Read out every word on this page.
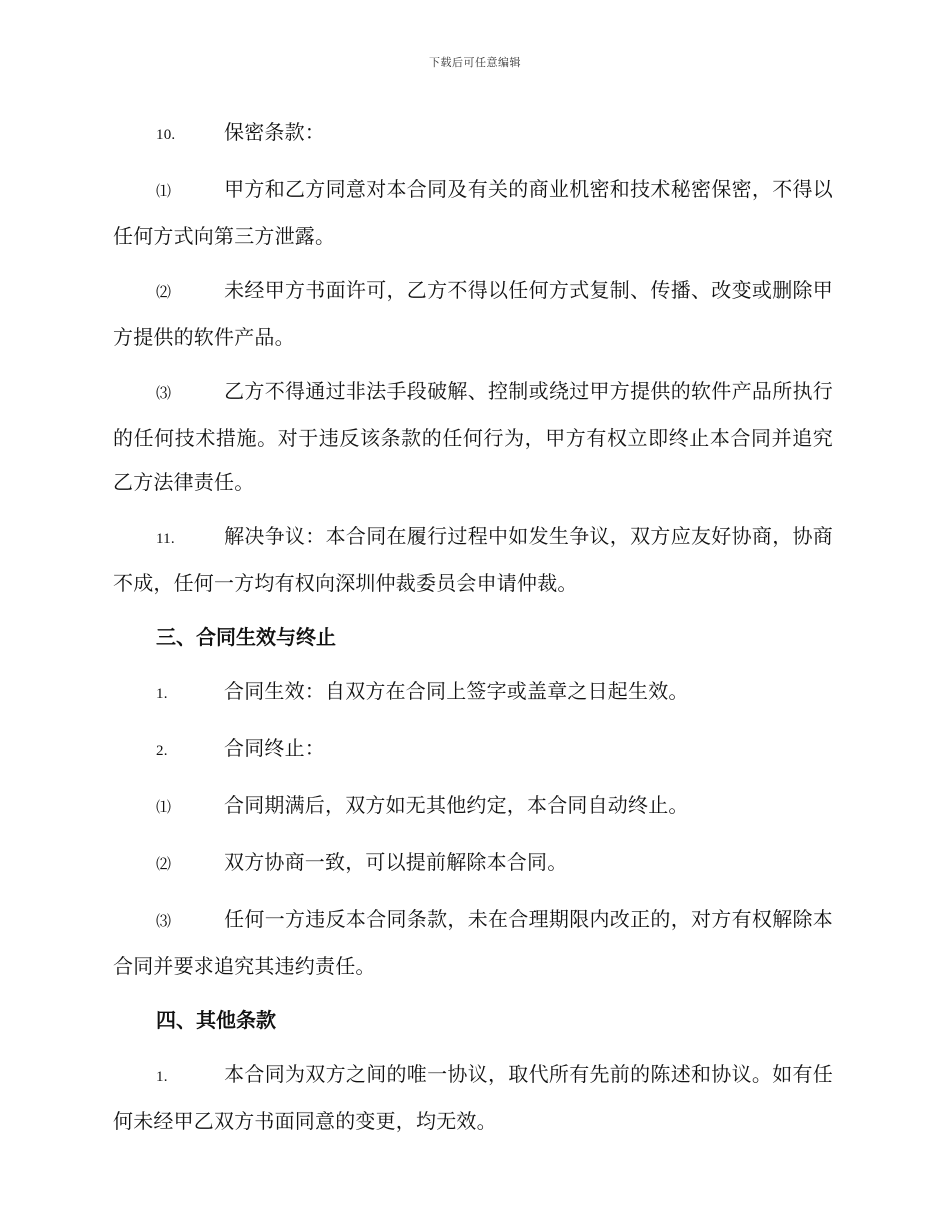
下载后可任意编辑

10. 保密条款：

⑴	甲方和乙方同意对本合同及有关的商业机密和技术秘密保密，不得以任何方式向第三方泄露。

⑵	未经甲方书面许可，乙方不得以任何方式复制、传播、改变或删除甲方提供的软件产品。

⑶	乙方不得通过非法手段破解、控制或绕过甲方提供的软件产品所执行的任何技术措施。对于违反该条款的任何行为，甲方有权立即终止本合同并追究乙方法律责任。

11. 解决争议：本合同在履行过程中如发生争议，双方应友好协商，协商不成，任何一方均有权向深圳仲裁委员会申请仲裁。

三、合同生效与终止

1.	合同生效：自双方在合同上签字或盖章之日起生效。

2.	合同终止：

⑴	合同期满后，双方如无其他约定，本合同自动终止。

⑵	双方协商一致，可以提前解除本合同。

⑶	任何一方违反本合同条款，未在合理期限内改正的，对方有权解除本合同并要求追究其违约责任。

四、其他条款

1.	本合同为双方之间的唯一协议，取代所有先前的陈述和协议。如有任何未经甲乙双方书面同意的变更，均无效。
